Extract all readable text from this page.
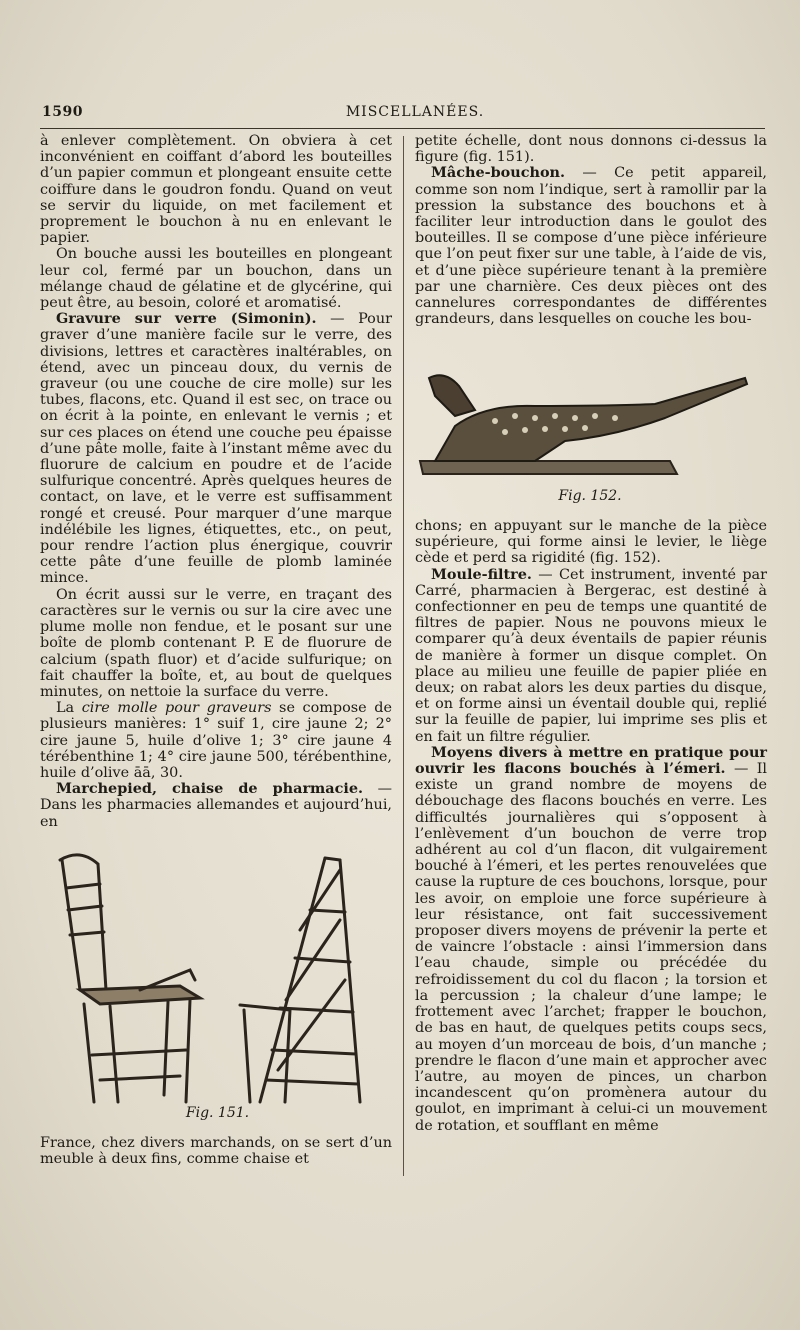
1590	MISCELLANÉES.

à enlever complètement. On obviera à cet inconvénient en coiffant d’abord les bouteilles d’un papier commun et plongeant ensuite cette coiffure dans le goudron fondu. Quand on veut se servir du liquide, on met facilement et proprement le bouchon à nu en enlevant le papier.

On bouche aussi les bouteilles en plongeant leur col, fermé par un bouchon, dans un mélange chaud de gélatine et de glycérine, qui peut être, au besoin, coloré et aromatisé.

Gravure sur verre (Simonin). — Pour graver d’une manière facile sur le verre, des divisions, lettres et caractères inaltérables, on étend, avec un pinceau doux, du vernis de graveur (ou une couche de cire molle) sur les tubes, flacons, etc. Quand il est sec, on trace ou on écrit à la pointe, en enlevant le vernis ; et sur ces places on étend une couche peu épaisse d’une pâte molle, faite à l’instant même avec du fluorure de calcium en poudre et de l’acide sulfurique concentré. Après quelques heures de contact, on lave, et le verre est suffisamment rongé et creusé. Pour marquer d’une marque indélébile les lignes, étiquettes, etc., on peut, pour rendre l’action plus énergique, couvrir cette pâte d’une feuille de plomb laminée mince.

On écrit aussi sur le verre, en traçant des caractères sur le vernis ou sur la cire avec une plume molle non fendue, et le posant sur une boîte de plomb contenant P. E de fluorure de calcium (spath fluor) et d’acide sulfurique; on fait chauffer la boîte, et, au bout de quelques minutes, on nettoie la surface du verre.

La cire molle pour graveurs se compose de plusieurs manières: 1° suif 1, cire jaune 2; 2° cire jaune 5, huile d’olive 1; 3° cire jaune 4 térébenthine 1; 4° cire jaune 500, térébenthine, huile d’olive āā, 30.

Marchepied, chaise de pharmacie. — Dans les pharmacies allemandes et aujourd’hui, en

Fig. 151.

France, chez divers marchands, on se sert d’un meuble à deux fins, comme chaise et

petite échelle, dont nous donnons ci-dessus la figure (fig. 151).

Mâche-bouchon. — Ce petit appareil, comme son nom l’indique, sert à ramollir par la pression la substance des bouchons et à faciliter leur introduction dans le goulot des bouteilles. Il se compose d’une pièce inférieure que l’on peut fixer sur une table, à l’aide de vis, et d’une pièce supérieure tenant à la première par une charnière. Ces deux pièces ont des cannelures correspondantes de différentes grandeurs, dans lesquelles on couche les bou-

Fig. 152.

chons; en appuyant sur le manche de la pièce supérieure, qui forme ainsi le levier, le liège cède et perd sa rigidité (fig. 152).

Moule-filtre. — Cet instrument, inventé par Carré, pharmacien à Bergerac, est destiné à confectionner en peu de temps une quantité de filtres de papier. Nous ne pouvons mieux le comparer qu’à deux éventails de papier réunis de manière à former un disque complet. On place au milieu une feuille de papier pliée en deux; on rabat alors les deux parties du disque, et on forme ainsi un éventail double qui, replié sur la feuille de papier, lui imprime ses plis et en fait un filtre régulier.

Moyens divers à mettre en pratique pour ouvrir les flacons bouchés à l’émeri. — Il existe un grand nombre de moyens de débouchage des flacons bouchés en verre. Les difficultés journalières qui s’opposent à l’enlèvement d’un bouchon de verre trop adhérent au col d’un flacon, dit vulgairement bouché à l’émeri, et les pertes renouvelées que cause la rupture de ces bouchons, lorsque, pour les avoir, on emploie une force supérieure à leur résistance, ont fait successivement proposer divers moyens de prévenir la perte et de vaincre l’obstacle : ainsi l’immersion dans l’eau chaude, simple ou précédée du refroidissement du col du flacon ; la torsion et la percussion ; la chaleur d’une lampe; le frottement avec l’archet; frapper le bouchon, de bas en haut, de quelques petits coups secs, au moyen d’un morceau de bois, d’un manche ; prendre le flacon d’une main et approcher avec l’autre, au moyen de pinces, un charbon incandescent qu’on promènera autour du goulot, en imprimant à celui-ci un mouvement de rotation, et soufflant en même
